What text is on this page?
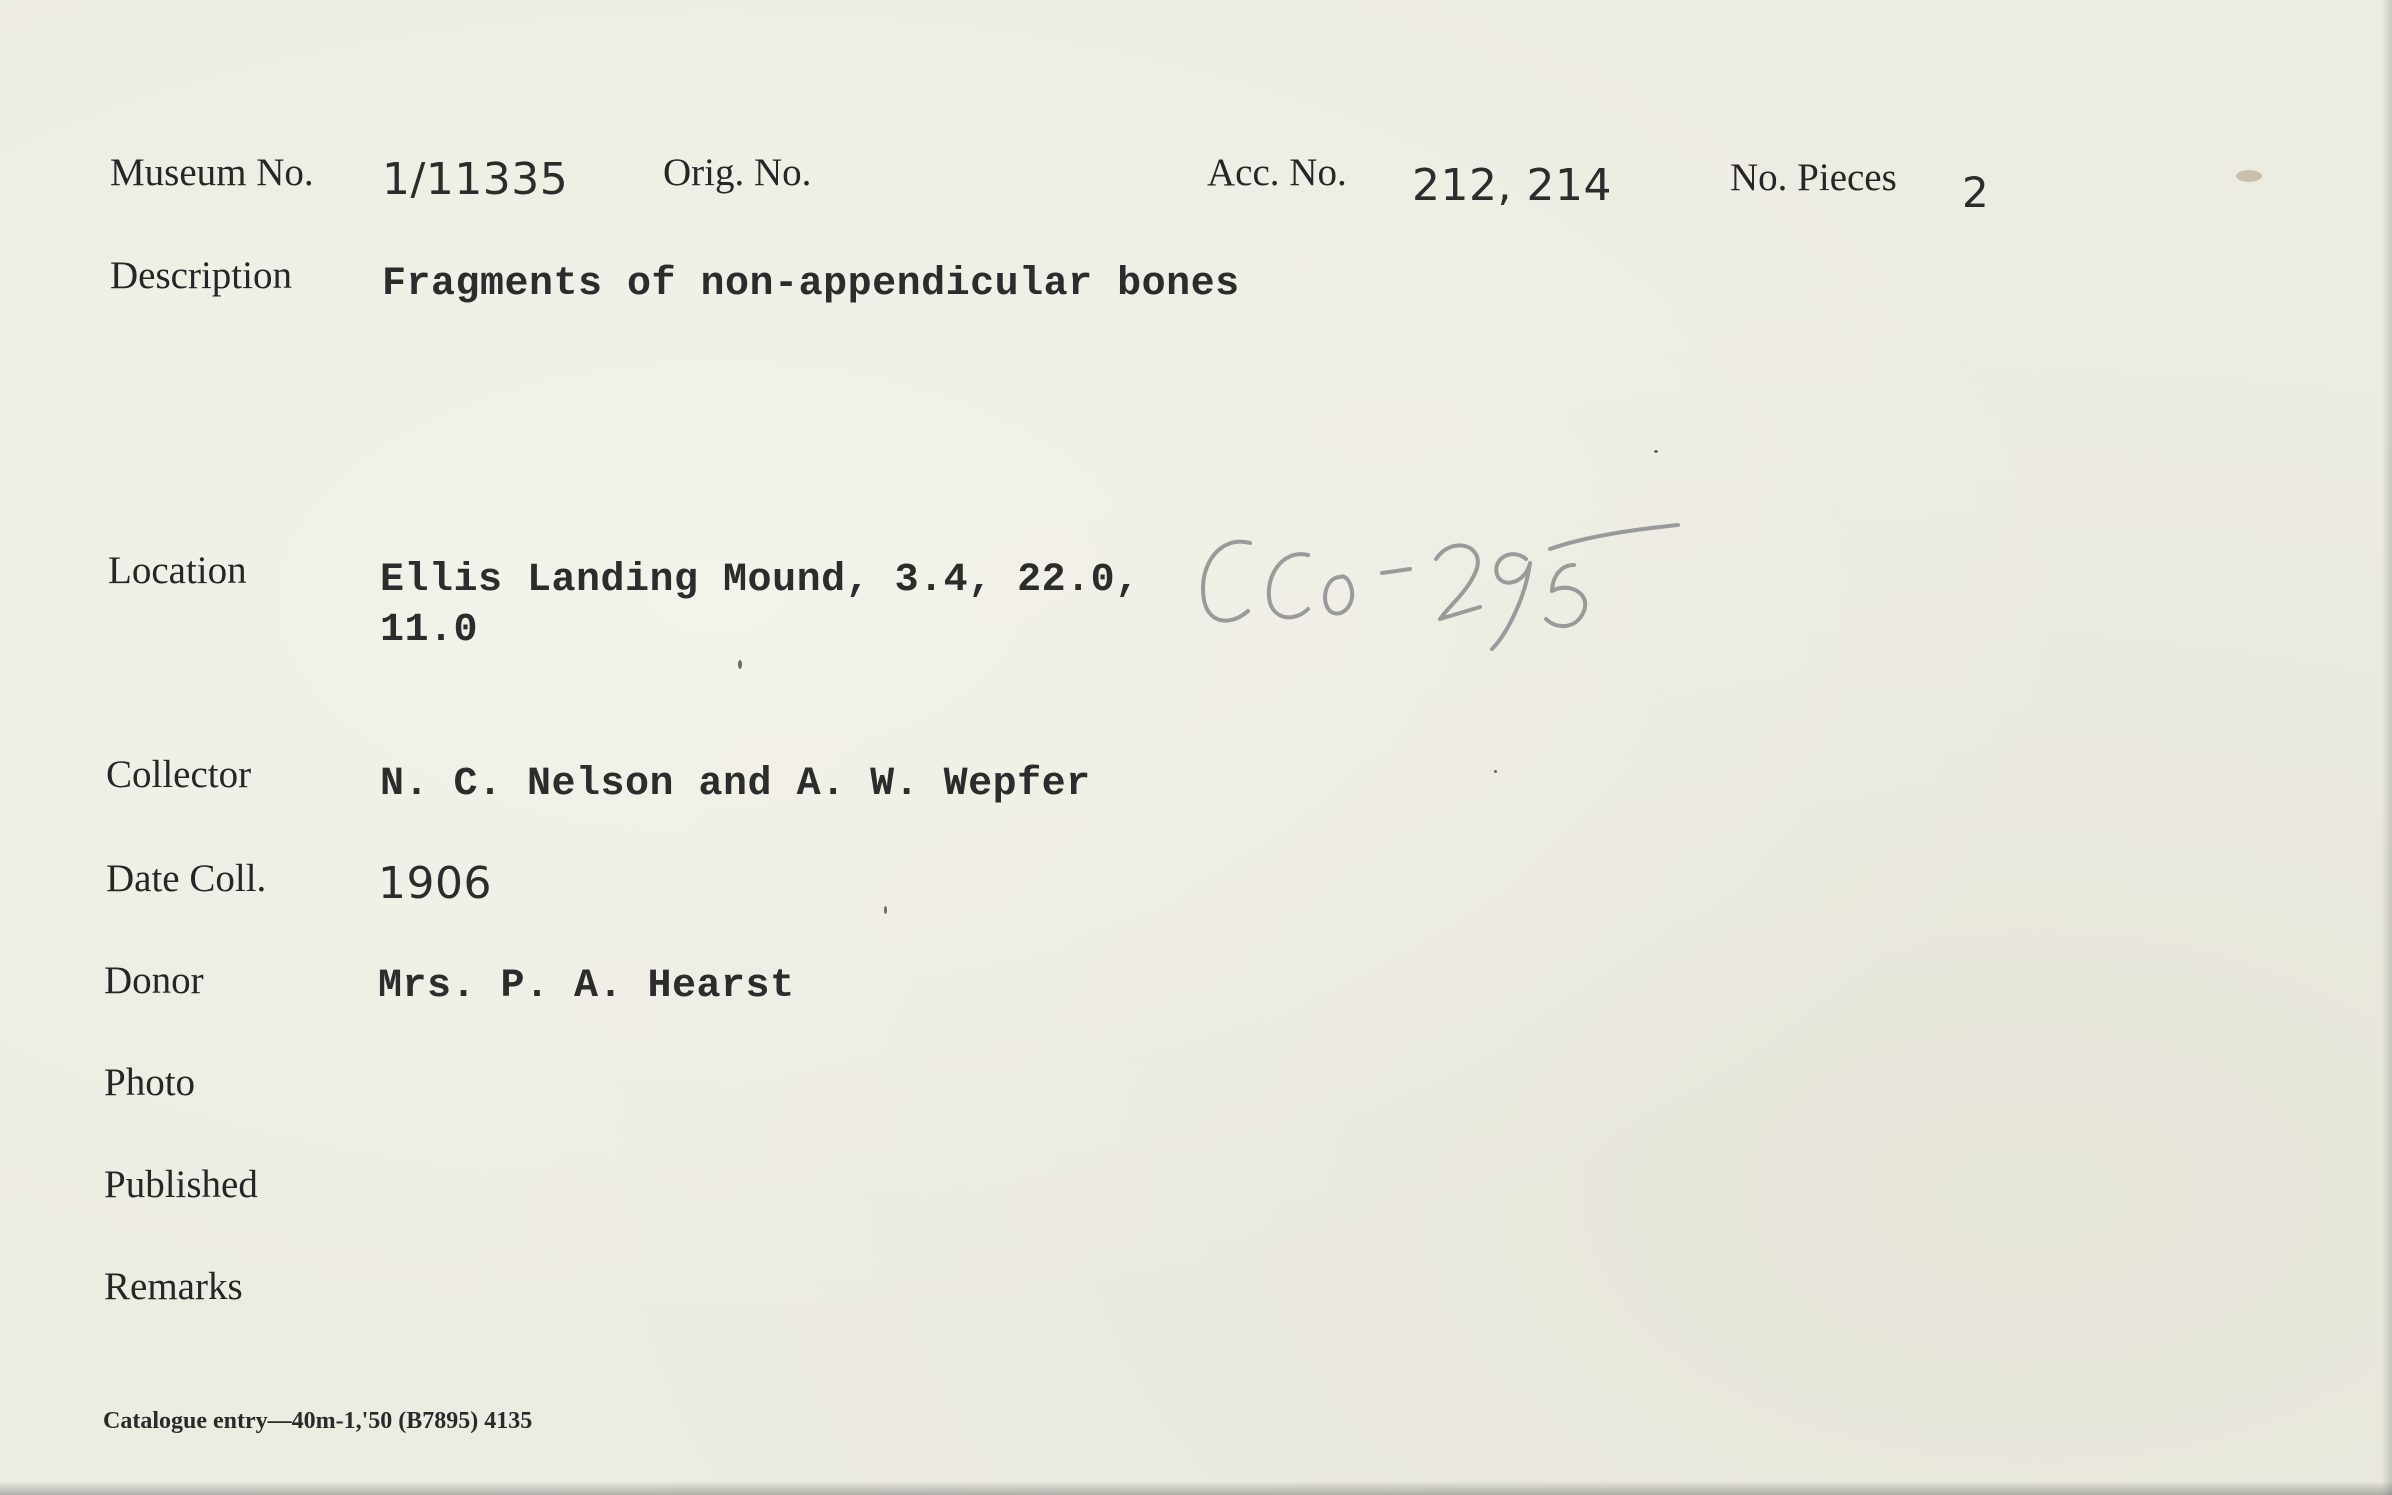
Museum No. 1/11335 Orig. No.	Acc. No. 212, 214	No. Pieces 2
Description Fragments of non-appendicular bones
Location	Ellis Landing Mound, 3.4, 22.0,
11.0
Collector	N. C. Nelson and A. W. Wepfer
Date Coll.	1906
Donor	Mrs. P. A. Hearst
Photo
Published
Remarks
Catalogue entry—40m-1,'50 (B7895) 4135
